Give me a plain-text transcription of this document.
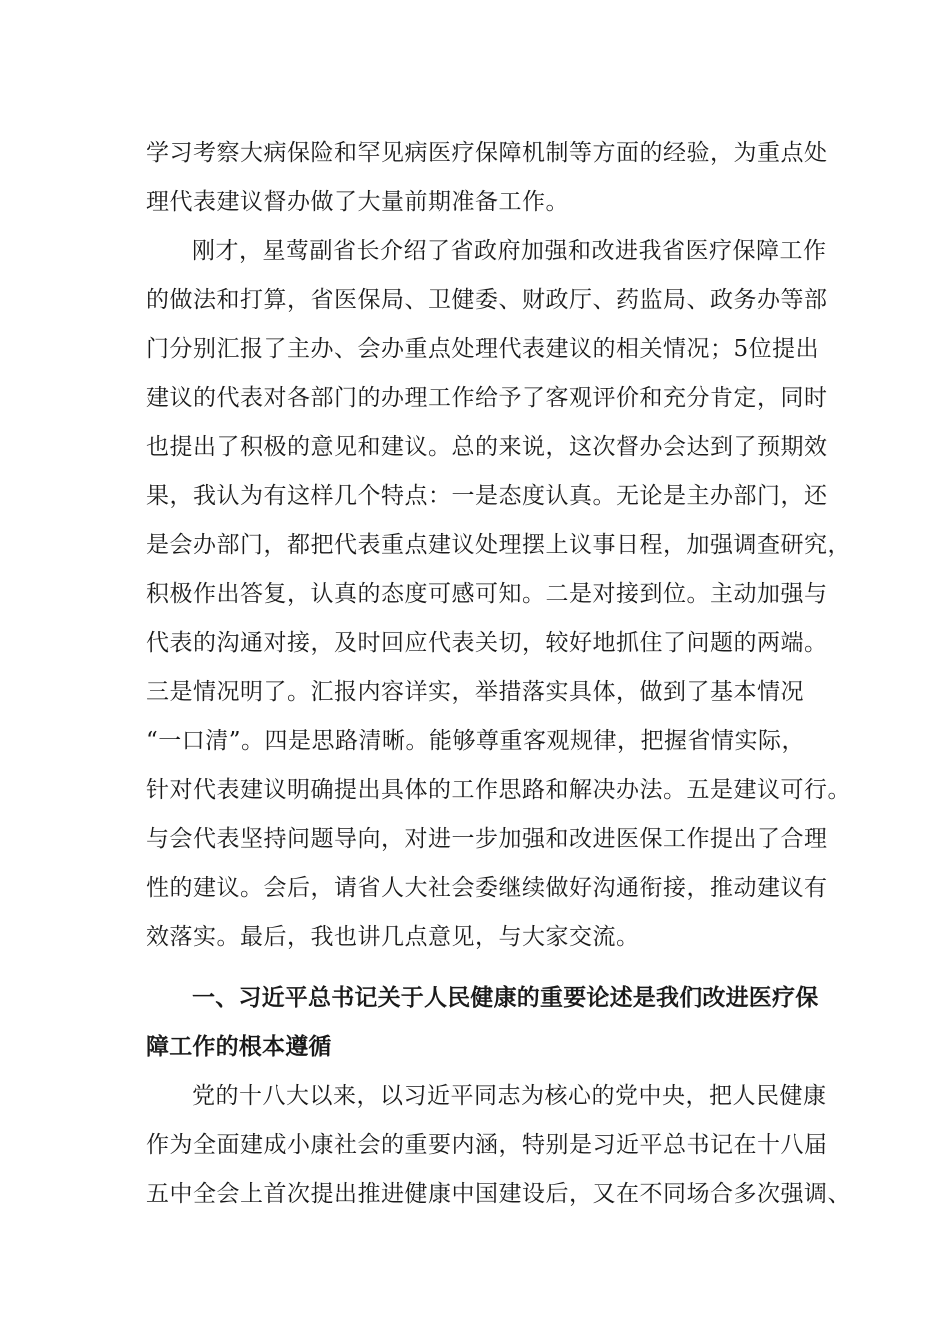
学习考察大病保险和罕见病医疗保障机制等方面的经验，为重点处
理代表建议督办做了大量前期准备工作。
刚才，星莺副省长介绍了省政府加强和改进我省医疗保障工作
的做法和打算，省医保局、卫健委、财政厅、药监局、政务办等部
门分别汇报了主办、会办重点处理代表建议的相关情况；5位提出
建议的代表对各部门的办理工作给予了客观评价和充分肯定，同时
也提出了积极的意见和建议。总的来说，这次督办会达到了预期效
果，我认为有这样几个特点：一是态度认真。无论是主办部门，还
是会办部门，都把代表重点建议处理摆上议事日程，加强调查研究，
积极作出答复，认真的态度可感可知。二是对接到位。主动加强与
代表的沟通对接，及时回应代表关切，较好地抓住了问题的两端。
三是情况明了。汇报内容详实，举措落实具体，做到了基本情况
“一口清”。四是思路清晰。能够尊重客观规律，把握省情实际，
针对代表建议明确提出具体的工作思路和解决办法。五是建议可行。
与会代表坚持问题导向，对进一步加强和改进医保工作提出了合理
性的建议。会后，请省人大社会委继续做好沟通衔接，推动建议有
效落实。最后，我也讲几点意见，与大家交流。
一、习近平总书记关于人民健康的重要论述是我们改进医疗保
障工作的根本遵循
党的十八大以来，以习近平同志为核心的党中央，把人民健康
作为全面建成小康社会的重要内涵，特别是习近平总书记在十八届
五中全会上首次提出推进健康中国建设后，又在不同场合多次强调、
